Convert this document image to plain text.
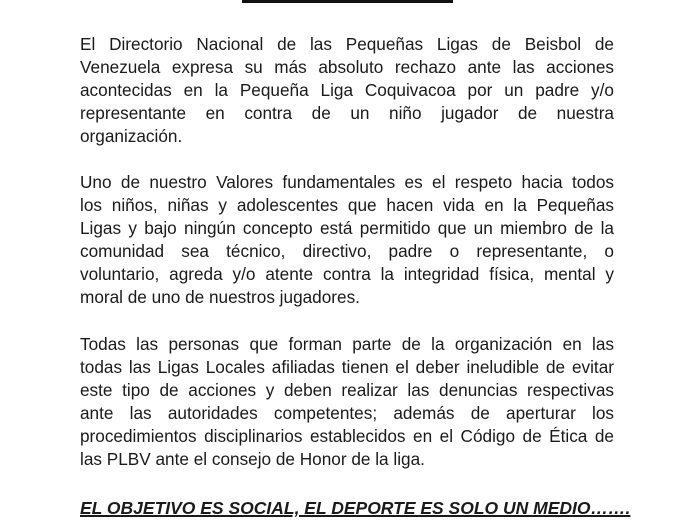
El Directorio Nacional de las Pequeñas Ligas de Beisbol de
Venezuela expresa su más absoluto rechazo ante las acciones
acontecidas en la Pequeña Liga Coquivacoa por un padre y/o
representante en contra de un niño jugador de nuestra
organización.
Uno de nuestro Valores fundamentales es el respeto hacia todos
los niños, niñas y adolescentes que hacen vida en la Pequeñas
Ligas y bajo ningún concepto está permitido que un miembro de la
comunidad sea técnico, directivo, padre o representante, o
voluntario, agreda y/o atente contra la integridad física, mental y
moral de uno de nuestros jugadores.
Todas las personas que forman parte de la organización en las
todas las Ligas Locales afiliadas tienen el deber ineludible de evitar
este tipo de acciones y deben realizar las denuncias respectivas
ante las autoridades competentes; además de aperturar los
procedimientos disciplinarios establecidos en el Código de Ética de
las PLBV ante el consejo de Honor de la liga.
EL OBJETIVO ES SOCIAL, EL DEPORTE ES SOLO UN MEDIO…….
